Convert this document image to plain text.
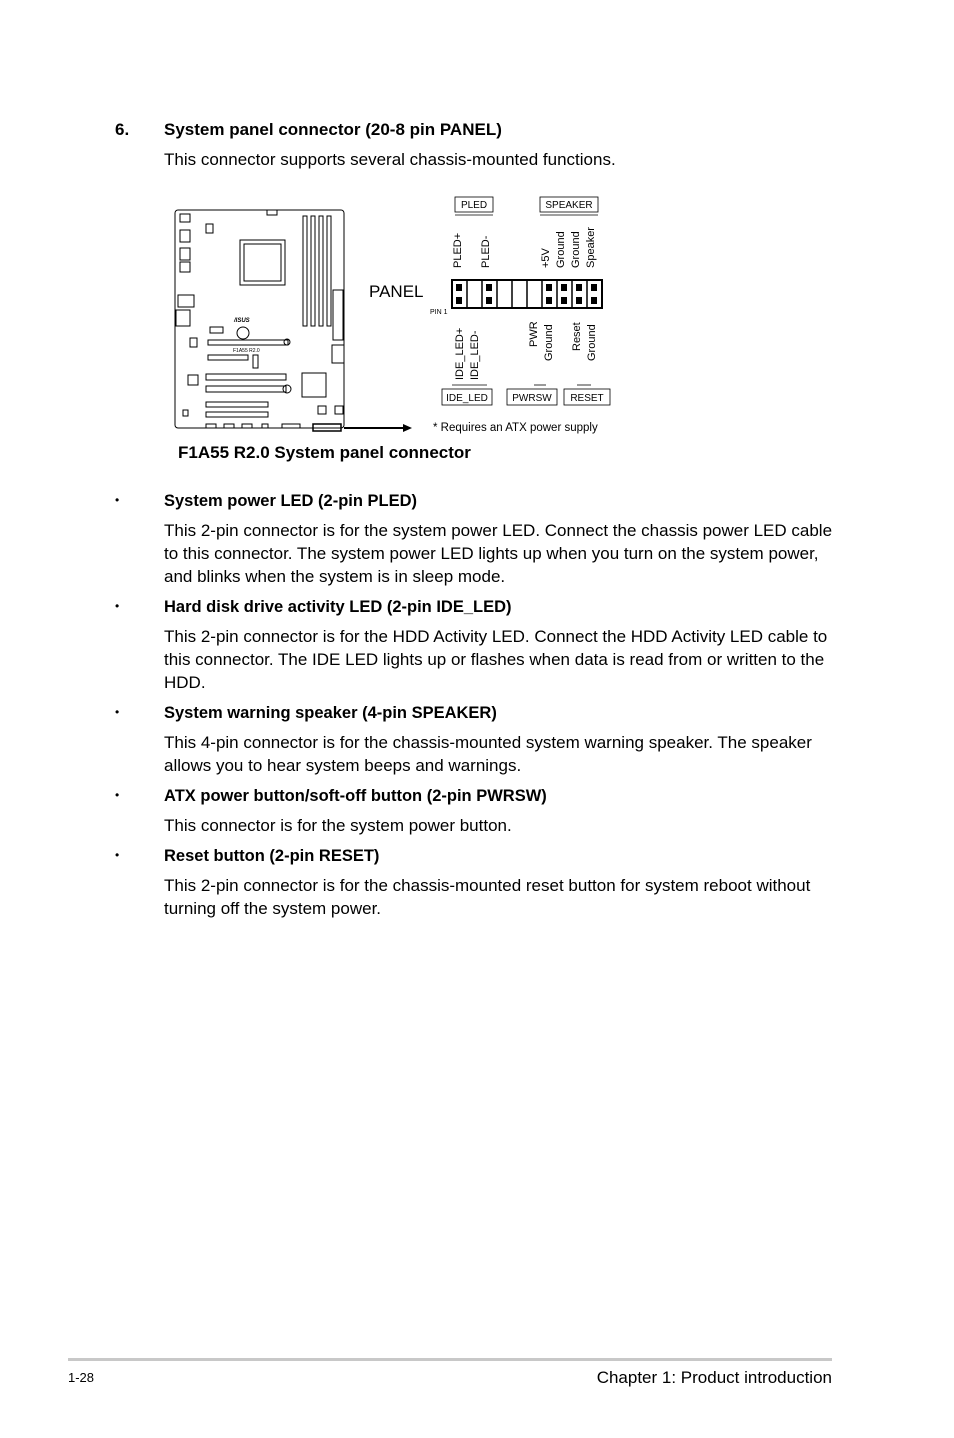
6. System panel connector (20-8 pin PANEL)
This connector supports several chassis-mounted functions.
/ISUS
F1A55 R2.0
PANEL
PIN 1
PLED	SPEAKER
PLED+ PLED-	+5V Ground Ground Speaker
IDE_LED+ IDE_LED-	PWR Ground Reset Ground
IDE_LED PWRSW RESET
* Requires an ATX power supply
F1A55 R2.0 System panel connector
•	System power LED (2-pin PLED)
This 2-pin connector is for the system power LED. Connect the chassis power LED cable to this connector. The system power LED lights up when you turn on the system power, and blinks when the system is in sleep mode.
•	Hard disk drive activity LED (2-pin IDE_LED)
This 2-pin connector is for the HDD Activity LED. Connect the HDD Activity LED cable to this connector. The IDE LED lights up or flashes when data is read from or written to the HDD.
•	System warning speaker (4-pin SPEAKER)
This 4-pin connector is for the chassis-mounted system warning speaker. The speaker allows you to hear system beeps and warnings.
•	ATX power button/soft-off button (2-pin PWRSW)
This connector is for the system power button.
•	Reset button (2-pin RESET)
This 2-pin connector is for the chassis-mounted reset button for system reboot without turning off the system power.
1-28	Chapter 1: Product introduction
